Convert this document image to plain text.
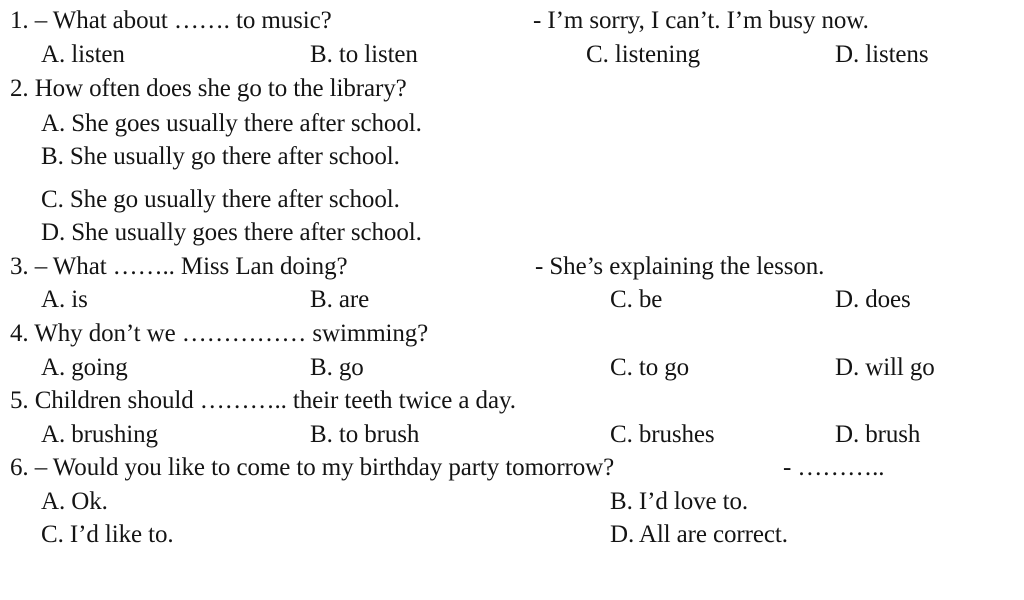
1. – What about ……. to music?	- I’m sorry, I can’t. I’m busy now.
A. listen	B. to listen	C. listening	D. listens
2. How often does she go to the library?
A. She goes usually there after school.
B. She usually go there after school.
C. She go usually there after school.
D. She usually goes there after school.
3. – What …….. Miss Lan doing?	- She’s explaining the lesson.
A. is	B. are	C. be	D. does
4. Why don’t we …………… swimming?
A. going	B. go	C. to go	D. will go
5. Children should ……….. their teeth twice a day.
A. brushing	B. to brush	C. brushes	D. brush
6. – Would you like to come to my birthday party tomorrow?	- ………..
A. Ok.	B. I’d love to.
C. I’d like to.	D. All are correct.
